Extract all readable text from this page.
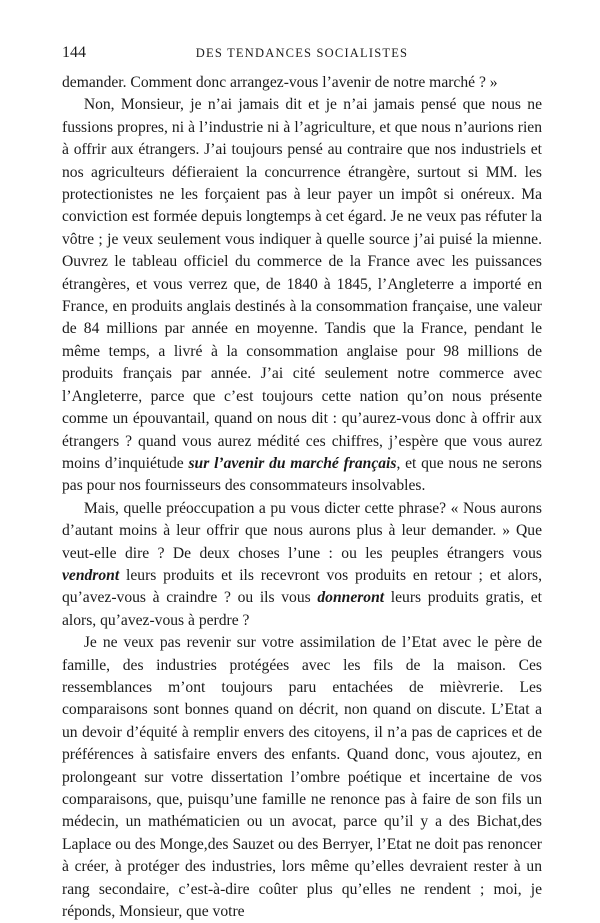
144	DES TENDANCES SOCIALISTES

demander. Comment donc arrangez-vous l’avenir de notre marché ? »

Non, Monsieur, je n’ai jamais dit et je n’ai jamais pensé que nous ne fussions propres, ni à l’industrie ni à l’agriculture, et que nous n’aurions rien à offrir aux étrangers. J’ai toujours pensé au contraire que nos industriels et nos agriculteurs défieraient la concurrence étrangère, surtout si MM. les protectionistes ne les forçaient pas à leur payer un impôt si onéreux. Ma conviction est formée depuis longtemps à cet égard. Je ne veux pas réfuter la vôtre ; je veux seulement vous indiquer à quelle source j’ai puisé la mienne. Ouvrez le tableau officiel du commerce de la France avec les puissances étrangères, et vous verrez que, de 1840 à 1845, l’Angleterre a importé en France, en produits anglais destinés à la consommation française, une valeur de 84 millions par année en moyenne. Tandis que la France, pendant le même temps, a livré à la consommation anglaise pour 98 millions de produits français par année. J’ai cité seulement notre commerce avec l’Angleterre, parce que c’est toujours cette nation qu’on nous présente comme un épouvantail, quand on nous dit : qu’aurez-vous donc à offrir aux étrangers ? quand vous aurez médité ces chiffres, j’espère que vous aurez moins d’inquiétude sur l’avenir du marché français, et que nous ne serons pas pour nos fournisseurs des consommateurs insolvables.

Mais, quelle préoccupation a pu vous dicter cette phrase? « Nous aurons d’autant moins à leur offrir que nous aurons plus à leur demander. » Que veut-elle dire ? De deux choses l’une : ou les peuples étrangers vous vendront leurs produits et ils recevront vos produits en retour ; et alors, qu’avez-vous à craindre ? ou ils vous donneront leurs produits gratis, et alors, qu’avez-vous à perdre ?

Je ne veux pas revenir sur votre assimilation de l’Etat avec le père de famille, des industries protégées avec les fils de la maison. Ces ressemblances m’ont toujours paru entachées de mièvrerie. Les comparaisons sont bonnes quand on décrit, non quand on discute. L’Etat a un devoir d’équité à remplir envers des citoyens, il n’a pas de caprices et de préférences à satisfaire envers des enfants. Quand donc, vous ajoutez, en prolongeant sur votre dissertation l’ombre poétique et incertaine de vos comparaisons, que, puisqu’une famille ne renonce pas à faire de son fils un médecin, un mathématicien ou un avocat, parce qu’il y a des Bichat,des Laplace ou des Monge,des Sauzet ou des Berryer, l’Etat ne doit pas renoncer à créer, à protéger des industries, lors même qu’elles devraient rester à un rang secondaire, c’est-à-dire coûter plus qu’elles ne rendent ; moi, je réponds, Monsieur, que votre
